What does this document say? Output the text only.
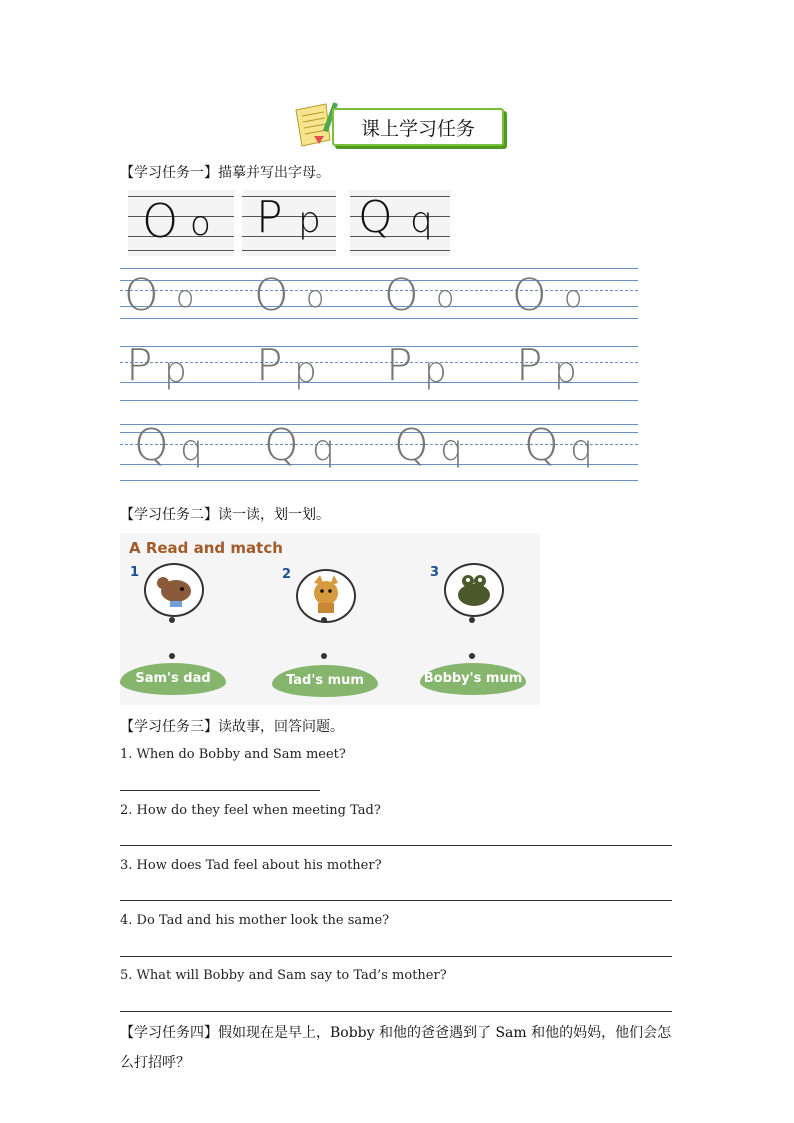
课上学习任务
【学习任务一】描摹并写出字母。
O o P p Q q
O o O o O o O o
P p P p P p P p
Q q Q q Q q Q q
【学习任务二】读一读，划一划。
A Read and match
1	2	3
Sam's dad	Tad's mum	Bobby's mum
【学习任务三】读故事，回答问题。
1. When do Bobby and Sam meet?
2. How do they feel when meeting Tad?
3. How does Tad feel about his mother?
4. Do Tad and his mother look the same?
5. What will Bobby and Sam say to Tad’s mother?
【学习任务四】假如现在是早上，Bobby 和他的爸爸遇到了 Sam 和他的妈妈，他们会怎么打招呼？
